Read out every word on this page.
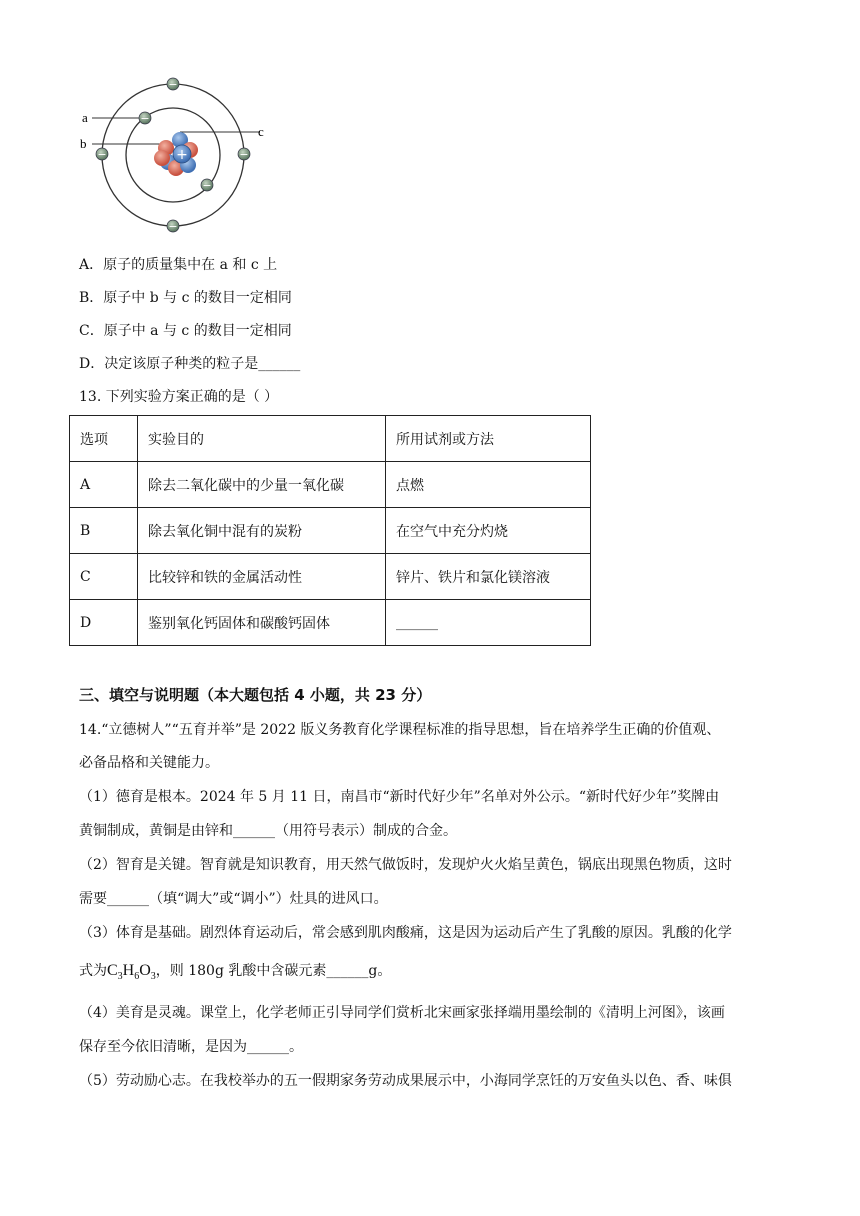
a
b
c
+
−
−
−	−
−
−
A．原子的质量集中在 a 和 c 上
B．原子中 b 与 c 的数目一定相同
C．原子中 a 与 c 的数目一定相同
D．决定该原子种类的粒子是______
13. 下列实验方案正确的是（ ）
选项	实验目的	所用试剂或方法
A	除去二氧化碳中的少量一氧化碳	点燃
B	除去氧化铜中混有的炭粉	在空气中充分灼烧
C	比较锌和铁的金属活动性	锌片、铁片和氯化镁溶液
D	鉴别氧化钙固体和碳酸钙固体	______
三、填空与说明题（本大题包括 4 小题，共 23 分）
14.“立德树人”“五育并举”是 2022 版义务教育化学课程标准的指导思想，旨在培养学生正确的价值观、
必备品格和关键能力。
（1）德育是根本。2024 年 5 月 11 日，南昌市“新时代好少年”名单对外公示。“新时代好少年”奖牌由
黄铜制成，黄铜是由锌和______（用符号表示）制成的合金。
（2）智育是关键。智育就是知识教育，用天然气做饭时，发现炉火火焰呈黄色，锅底出现黑色物质，这时
需要______（填“调大”或“调小”）灶具的进风口。
（3）体育是基础。剧烈体育运动后，常会感到肌肉酸痛，这是因为运动后产生了乳酸的原因。乳酸的化学
式为$C_3H_6O_3$，则 180g 乳酸中含碳元素______g。
（4）美育是灵魂。课堂上，化学老师正引导同学们赏析北宋画家张择端用墨绘制的《清明上河图》，该画
保存至今依旧清晰，是因为______。
（5）劳动励心志。在我校举办的五一假期家务劳动成果展示中，小海同学烹饪的万安鱼头以色、香、味俱
